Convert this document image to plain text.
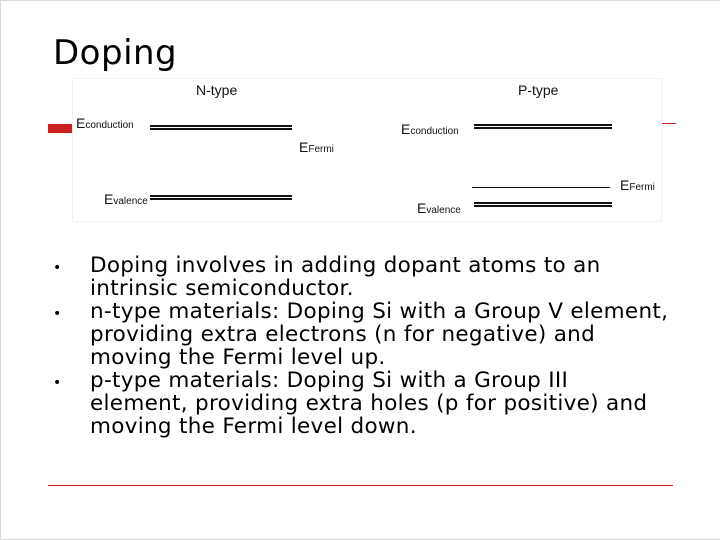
Doping
N-type
Econduction
EFermi
Evalence
P-type
Econduction
EFermi
Evalence
• Doping involves in adding dopant atoms to an intrinsic semiconductor.
• n-type materials: Doping Si with a Group V element, providing extra electrons (n for negative) and moving the Fermi level up.
• p-type materials: Doping Si with a Group III element, providing extra holes (p for positive) and moving the Fermi level down.
